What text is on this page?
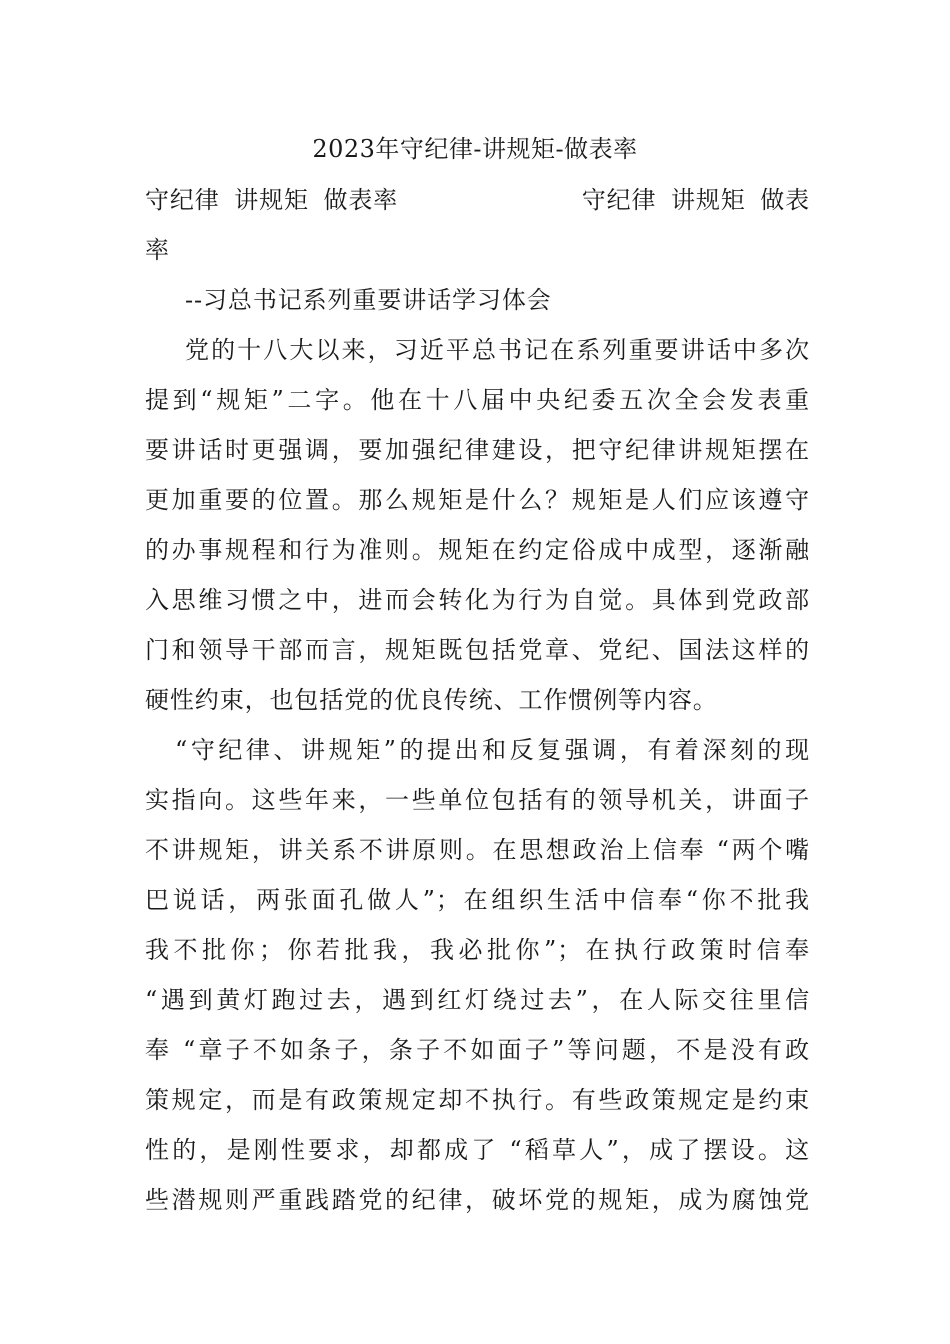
2023年守纪律-讲规矩-做表率
守纪律 讲规矩 做表率	守纪律 讲规矩 做表
率
--习总书记系列重要讲话学习体会
党的十八大以来，习近平总书记在系列重要讲话中多次
提到“规矩”二字。他在十八届中央纪委五次全会发表重
要讲话时更强调，要加强纪律建设，把守纪律讲规矩摆在
更加重要的位置。那么规矩是什么？规矩是人们应该遵守
的办事规程和行为准则。规矩在约定俗成中成型，逐渐融
入思维习惯之中，进而会转化为行为自觉。具体到党政部
门和领导干部而言，规矩既包括党章、党纪、国法这样的
硬性约束，也包括党的优良传统、工作惯例等内容。
“守纪律、讲规矩”的提出和反复强调，有着深刻的现
实指向。这些年来，一些单位包括有的领导机关，讲面子
不讲规矩，讲关系不讲原则。在思想政治上信奉 “两个嘴
巴说话，两张面孔做人”；在组织生活中信奉“你不批我
我不批你；你若批我，我必批你”；在执行政策时信奉
“遇到黄灯跑过去，遇到红灯绕过去”，在人际交往里信
奉 “章子不如条子，条子不如面子”等问题，不是没有政
策规定，而是有政策规定却不执行。有些政策规定是约束
性的，是刚性要求，却都成了 “稻草人”，成了摆设。这
些潜规则严重践踏党的纪律，破坏党的规矩，成为腐蚀党
